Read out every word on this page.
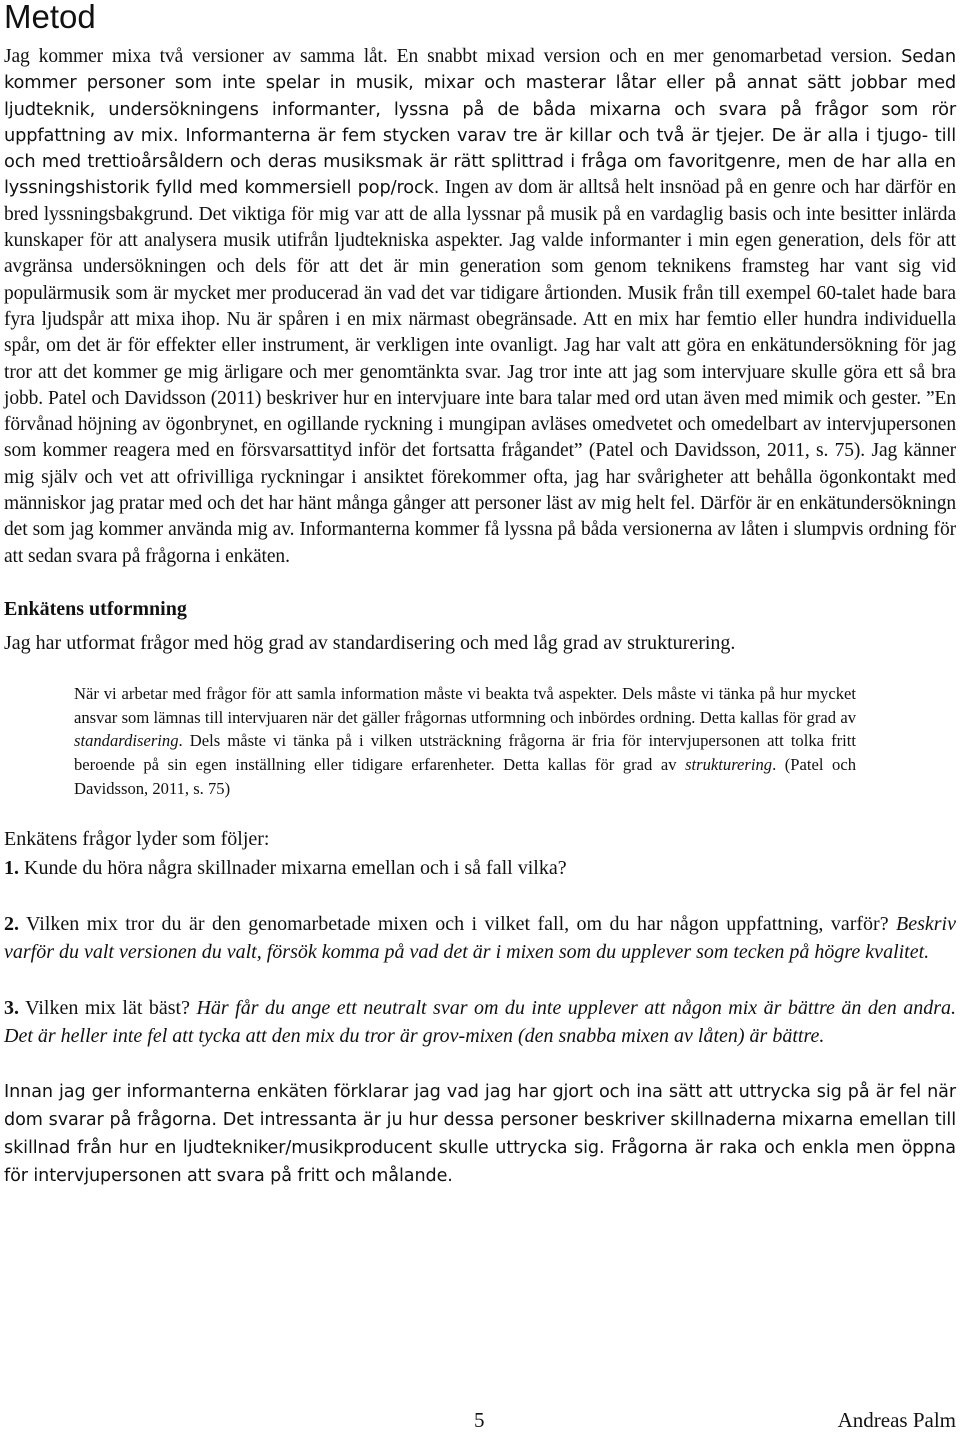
Metod

Jag kommer mixa två versioner av samma låt. En snabbt mixad version och en mer genomarbetad version. Sedan kommer personer som inte spelar in musik, mixar och masterar låtar eller på annat sätt jobbar med ljudteknik, undersökningens informanter, lyssna på de båda mixarna och svara på frågor som rör uppfattning av mix. Informanterna är fem stycken varav tre är killar och två är tjejer. De är alla i tjugo- till och med trettioårsåldern och deras musiksmak är rätt splittrad i fråga om favoritgenre, men de har alla en lyssningshistorik fylld med kommersiell pop/rock. Ingen av dom är alltså helt insnöad på en genre och har därför en bred lyssningsbakgrund. Det viktiga för mig var att de alla lyssnar på musik på en vardaglig basis och inte besitter inlärda kunskaper för att analysera musik utifrån ljudtekniska aspekter. Jag valde informanter i min egen generation, dels för att avgränsa undersökningen och dels för att det är min generation som genom teknikens framsteg har vant sig vid populärmusik som är mycket mer producerad än vad det var tidigare årtionden. Musik från till exempel 60-talet hade bara fyra ljudspår att mixa ihop. Nu är spåren i en mix närmast obegränsade. Att en mix har femtio eller hundra individuella spår, om det är för effekter eller instrument, är verkligen inte ovanligt. Jag har valt att göra en enkätundersökning för jag tror att det kommer ge mig ärligare och mer genomtänkta svar. Jag tror inte att jag som intervjuare skulle göra ett så bra jobb. Patel och Davidsson (2011) beskriver hur en intervjuare inte bara talar med ord utan även med mimik och gester. ”En förvånad höjning av ögonbrynet, en ogillande ryckning i mungipan avläses omedvetet och omedelbart av intervjupersonen som kommer reagera med en försvarsattityd inför det fortsatta frågandet” (Patel och Davidsson, 2011, s. 75). Jag känner mig själv och vet att ofrivilliga ryckningar i ansiktet förekommer ofta, jag har svårigheter att behålla ögonkontakt med människor jag pratar med och det har hänt många gånger att personer läst av mig helt fel. Därför är en enkätundersökningn det som jag kommer använda mig av. Informanterna kommer få lyssna på båda versionerna av låten i slumpvis ordning för att sedan svara på frågorna i enkäten.

Enkätens utformning

Jag har utformat frågor med hög grad av standardisering och med låg grad av strukturering.

När vi arbetar med frågor för att samla information måste vi beakta två aspekter. Dels måste vi tänka på hur mycket ansvar som lämnas till intervjuaren när det gäller frågornas utformning och inbördes ordning. Detta kallas för grad av standardisering. Dels måste vi tänka på i vilken utsträckning frågorna är fria för intervjupersonen att tolka fritt beroende på sin egen inställning eller tidigare erfarenheter. Detta kallas för grad av strukturering. (Patel och Davidsson, 2011, s. 75)

Enkätens frågor lyder som följer:

1. Kunde du höra några skillnader mixarna emellan och i så fall vilka?

2. Vilken mix tror du är den genomarbetade mixen och i vilket fall, om du har någon uppfattning, varför? Beskriv varför du valt versionen du valt, försök komma på vad det är i mixen som du upplever som tecken på högre kvalitet.

3. Vilken mix lät bäst? Här får du ange ett neutralt svar om du inte upplever att någon mix är bättre än den andra. Det är heller inte fel att tycka att den mix du tror är grov-mixen (den snabba mixen av låten) är bättre.

Innan jag ger informanterna enkäten förklarar jag vad jag har gjort och ina sätt att uttrycka sig på är fel när dom svarar på frågorna. Det intressanta är ju hur dessa personer beskriver skillnaderna mixarna emellan till skillnad från hur en ljudtekniker/musikproducent skulle uttrycka sig. Frågorna är raka och enkla men öppna för intervjupersonen att svara på fritt och målande.

5	Andreas Palm
